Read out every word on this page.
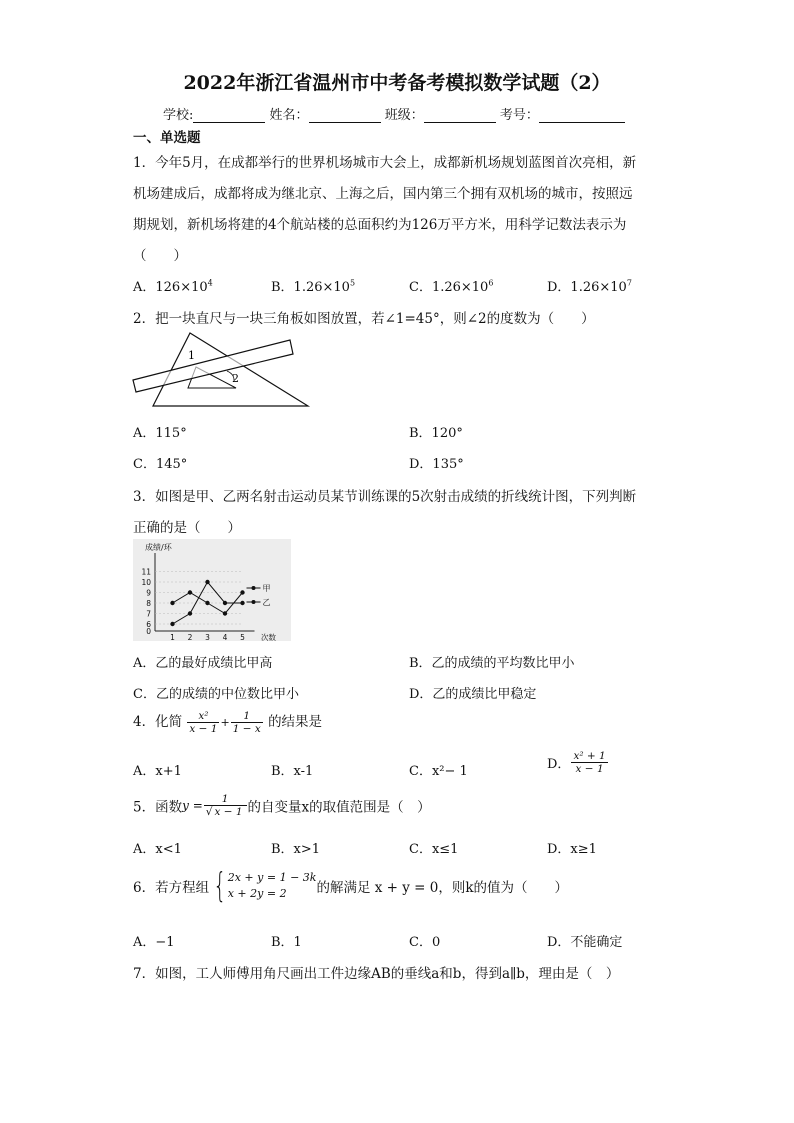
2022年浙江省温州市中考备考模拟数学试题（2）
学校:	姓名：	班级：	考号：
一、单选题
1．今年5月，在成都举行的世界机场城市大会上，成都新机场规划蓝图首次亮相，新
机场建成后，成都将成为继北京、上海之后，国内第三个拥有双机场的城市，按照远
期规划，新机场将建的4个航站楼的总面积约为126万平方米，用科学记数法表示为
（　　）
A．$126\times 10^4$	B．$1.26\times 10^5$	C．$1.26\times 10^6$	D．$1.26\times 10^7$
2．把一块直尺与一块三角板如图放置，若∠1=45°，则∠2的度数为（　　）
1
2
A．115°	B．120°
C．145°	D．135°
3．如图是甲、乙两名射击运动员某节训练课的5次射击成绩的折线统计图，下列判断
正确的是（　　）
成绩/环
0
6
7
8
9
10
11
1 2 3 4 5
甲
乙
次数
A．乙的最好成绩比甲高	B．乙的成绩的平均数比甲小
C．乙的成绩的中位数比甲小	D．乙的成绩比甲稳定
4．化简 $\frac{\text{x²}}{x - 1} + \frac{1}{1 - x}$ 的结果是
A．x+1	B．x-1	C．x²− 1	D． $\frac{\text{x² + 1}}{x - 1}$
5．函数$y = \frac{1}{√ x - 1}$ 的自变量x的取值范围是（　）
A．x<1	B．x>1	C．x≤1	D．x≥1
6．若方程组 { 2x + y = 1 − 3k
x + 2y = 2	的解满足 x + y = 0，则k的值为（　　）
A．−1	B．1	C．0	D．不能确定
7．如图，工人师傅用角尺画出工件边缘AB的垂线a和b，得到a∥b，理由是（　）
